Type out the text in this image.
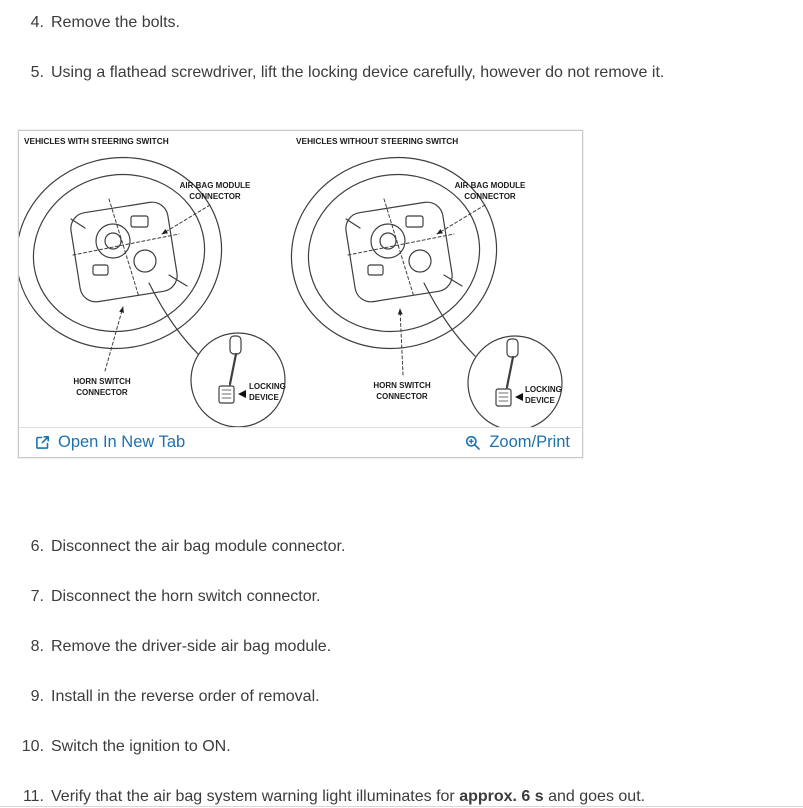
4. Remove the bolts.
5. Using a flathead screwdriver, lift the locking device carefully, however do not remove it.
VEHICLES WITH STEERING SWITCH	VEHICLES WITHOUT STEERING SWITCH
AIR BAG MODULE
CONNECTOR
AIR BAG MODULE
CONNECTOR
HORN SWITCH
CONNECTOR
HORN SWITCH
CONNECTOR
LOCKING
DEVICE
LOCKING
DEVICE
Open In New Tab	Zoom/Print
6. Disconnect the air bag module connector.
7. Disconnect the horn switch connector.
8. Remove the driver-side air bag module.
9. Install in the reverse order of removal.
10. Switch the ignition to ON.
11. Verify that the air bag system warning light illuminates for approx. 6 s and goes out.
